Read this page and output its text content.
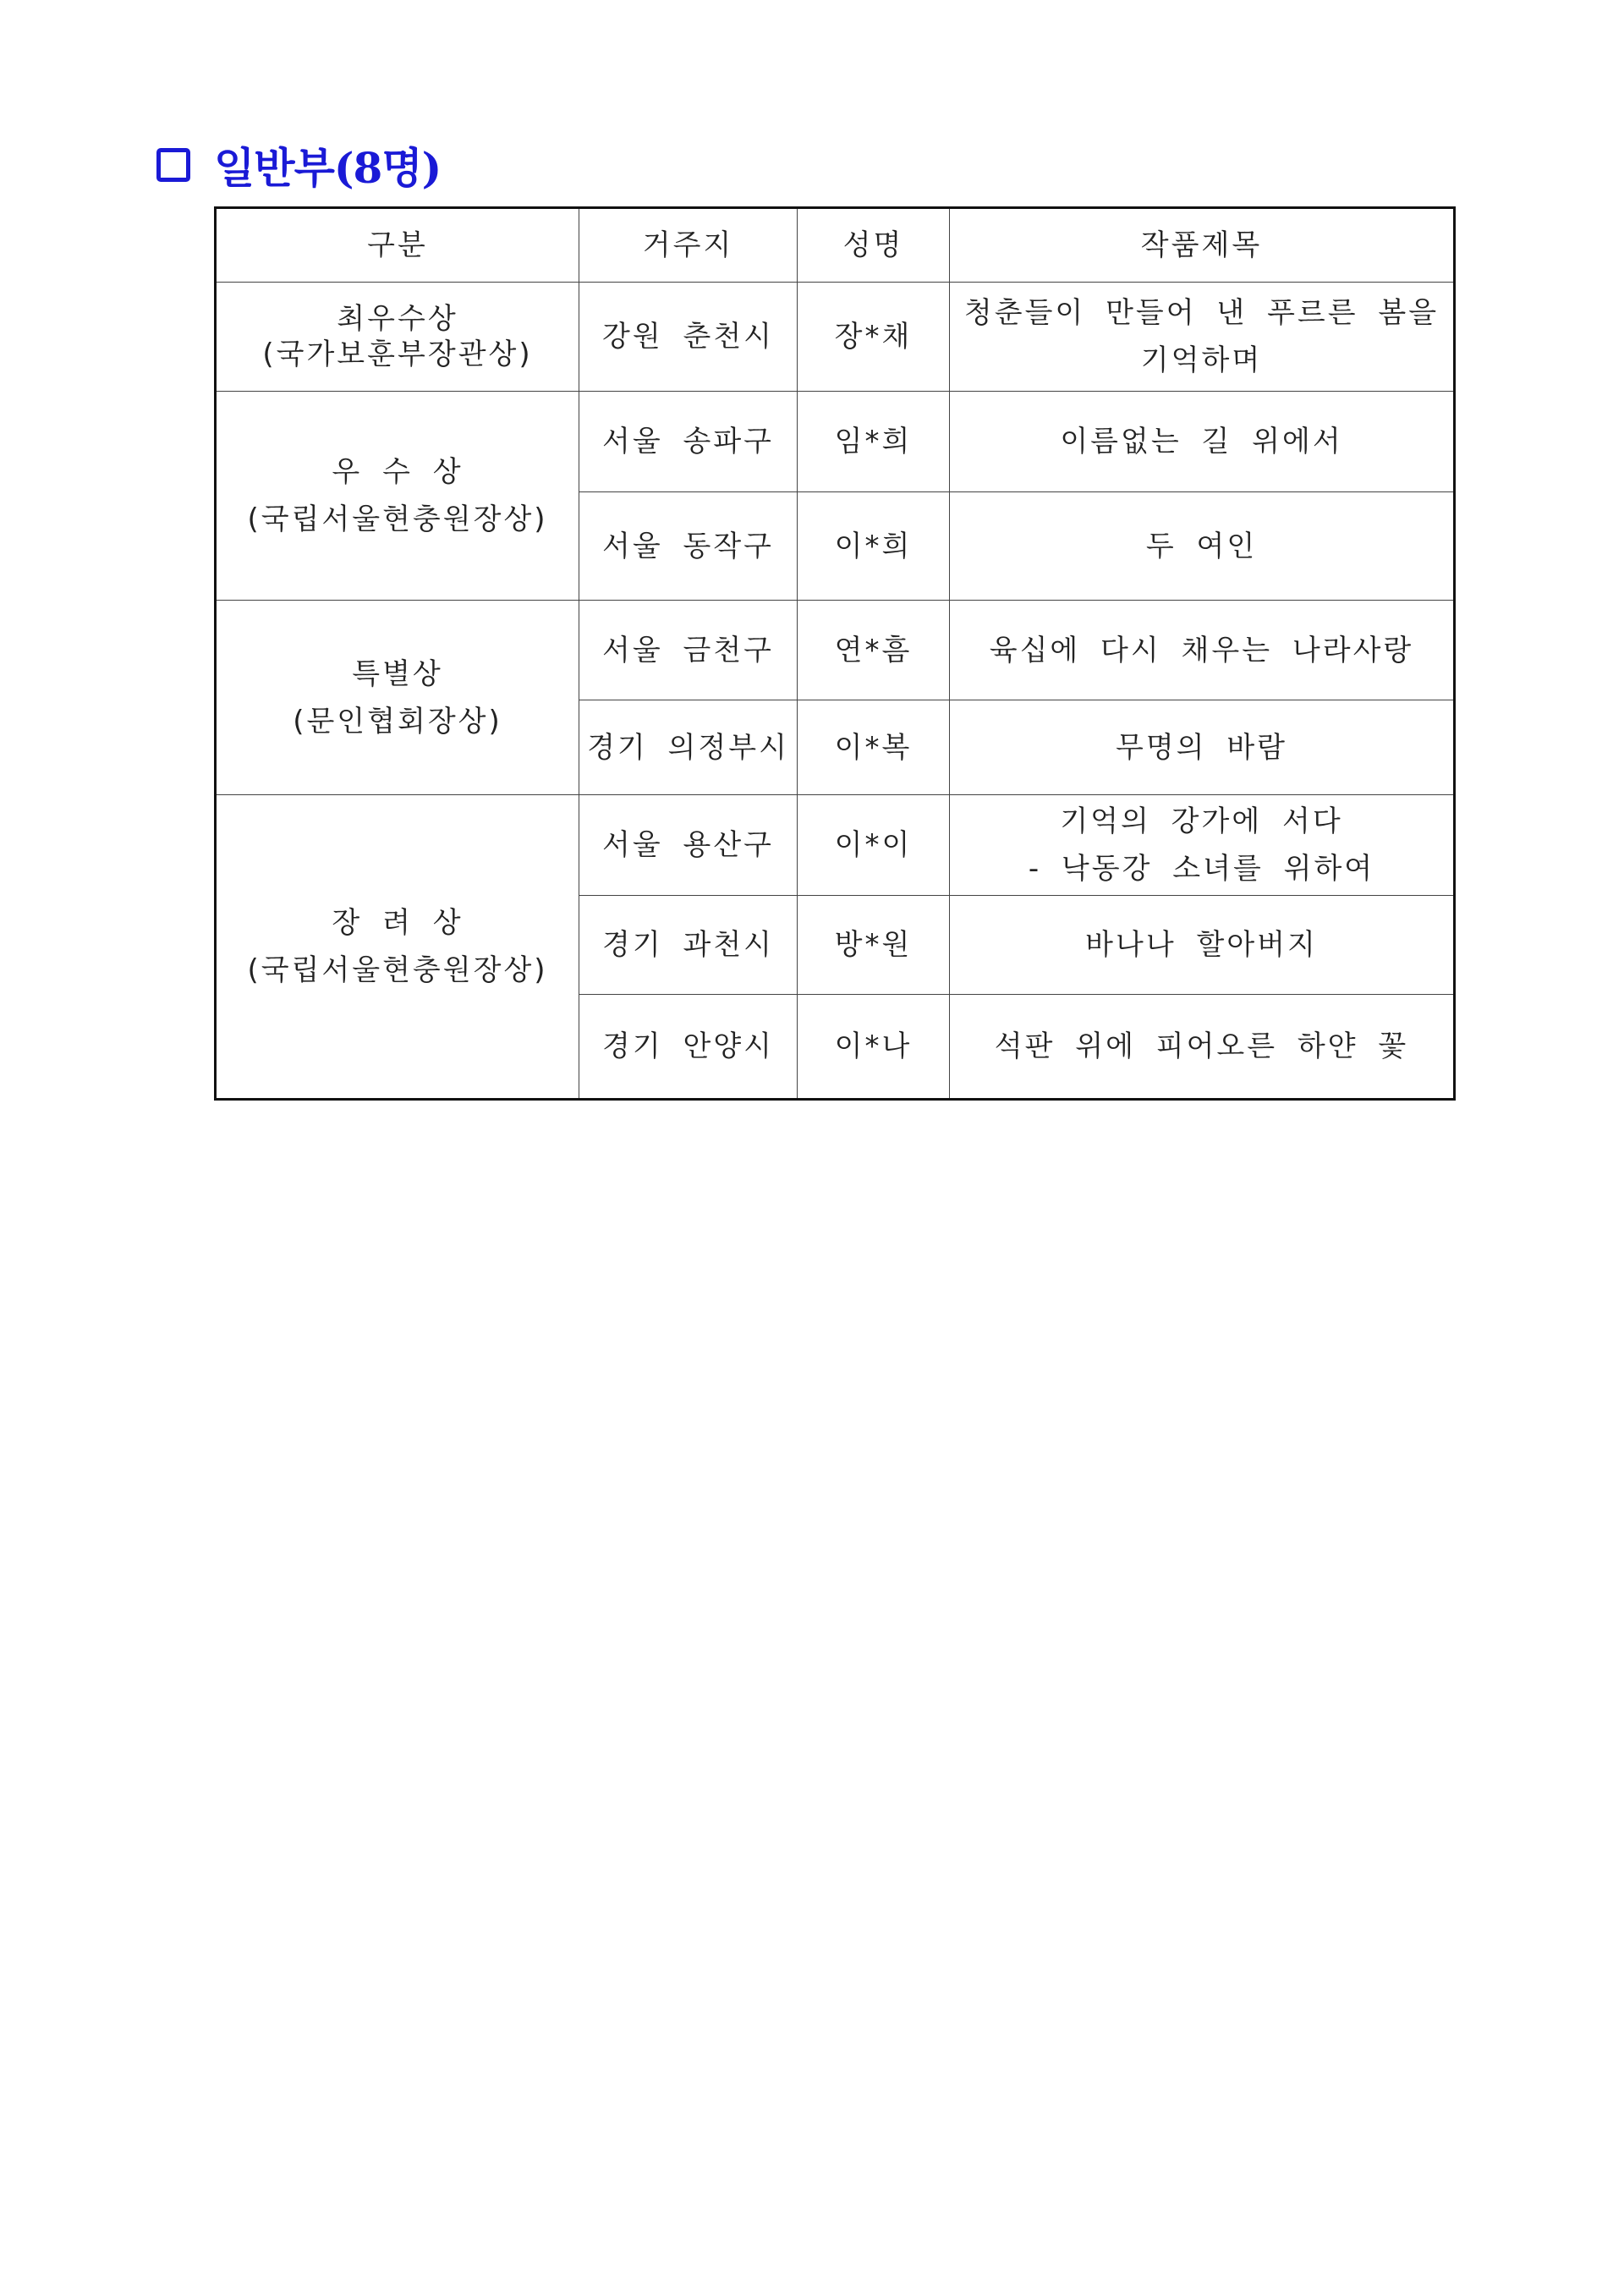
일반부(8명)
구분	거주지	성명	작품제목

최우수상
(국가보훈부장관상)	강원 춘천시	장*채	청춘들이 만들어 낸 푸르른 봄을
기억하며

우 수 상
(국립서울현충원장상)	서울 송파구	임*희	이름없는 길 위에서
	서울 동작구	이*희	두 여인

특별상
(문인협회장상)	서울 금천구	연*흠	육십에 다시 채우는 나라사랑
	경기 의정부시	이*복	무명의 바람

장 려 상
(국립서울현충원장상)	서울 용산구	이*이	기억의 강가에 서다
- 낙동강 소녀를 위하여
	경기 과천시	방*원	바나나 할아버지
	경기 안양시	이*나	석판 위에 피어오른 하얀 꽃
